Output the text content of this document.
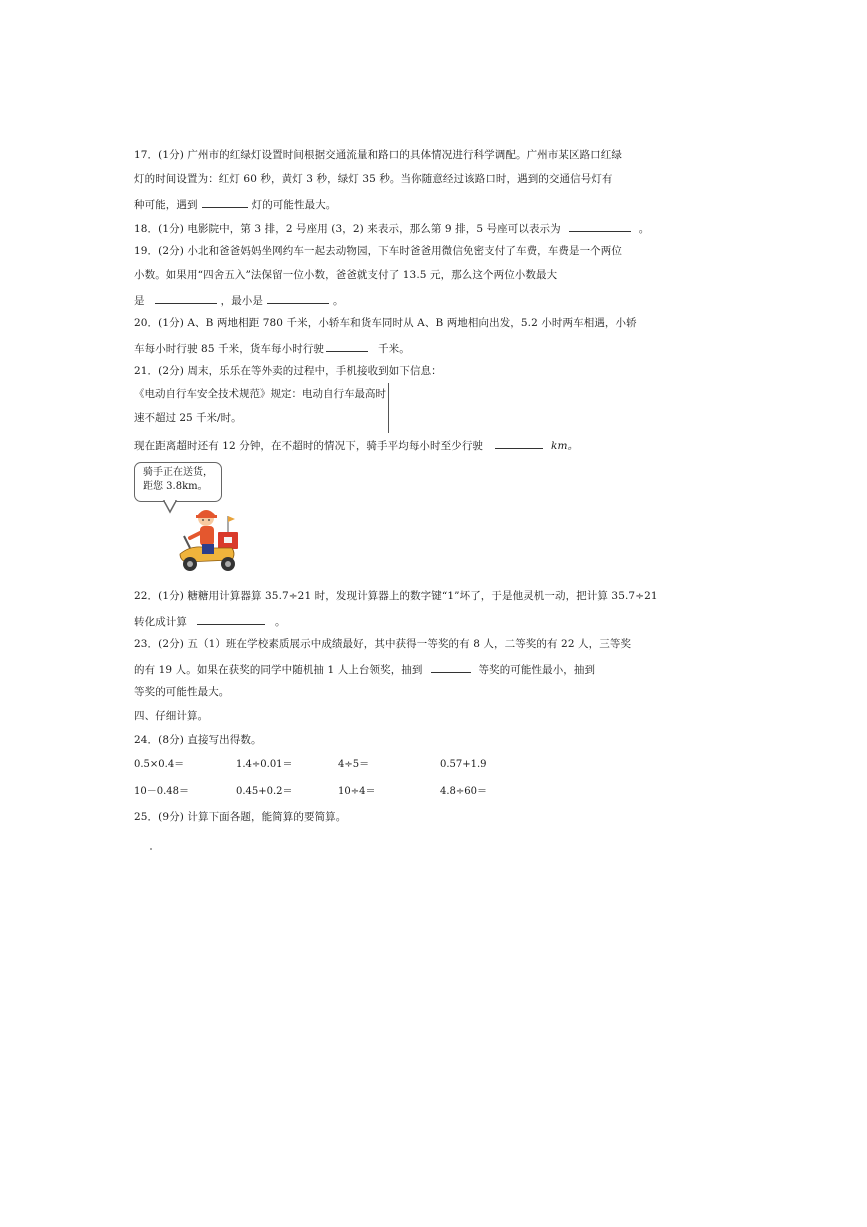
17．(1分) 广州市的红绿灯设置时间根据交通流量和路口的具体情况进行科学调配。广州市某区路口红绿
灯的时间设置为：红灯 60 秒，黄灯 3 秒，绿灯 35 秒。当你随意经过该路口时，遇到的交通信号灯有
种可能，遇到	灯的可能性最大。
18．(1分) 电影院中，第 3 排，2 号座用 (3，2) 来表示，那么第 9 排，5 号座可以表示为	。
19．(2分) 小北和爸爸妈妈坐网约车一起去动物园，下车时爸爸用微信免密支付了车费，车费是一个两位
小数。如果用“四舍五入”法保留一位小数，爸爸就支付了 13.5 元，那么这个两位小数最大
是	，最小是	。
20．(1分) A、B 两地相距 780 千米，小轿车和货车同时从 A、B 两地相向出发，5.2 小时两车相遇，小轿
车每小时行驶 85 千米，货车每小时行驶	千米。
21．(2分) 周末，乐乐在等外卖的过程中，手机接收到如下信息：
《电动自行车安全技术规范》规定：电动自行车最高时
速不超过 25 千米/时。
现在距离超时还有 12 分钟，在不超时的情况下，骑手平均每小时至少行驶	km。
骑手正在送货，
距您 3.8km。
22．(1分) 糖糖用计算器算 35.7÷21 时，发现计算器上的数字键“1”坏了，于是他灵机一动，把计算 35.7÷21
转化成计算	。
23．(2分) 五（1）班在学校素质展示中成绩最好，其中获得一等奖的有 8 人，二等奖的有 22 人，三等奖
的有 19 人。如果在获奖的同学中随机抽 1 人上台领奖，抽到	等奖的可能性最小，抽到
等奖的可能性最大。
四、仔细计算。
24．(8分) 直接写出得数。
0.5×0.4＝	1.4÷0.01＝	4÷5＝	0.57+1.9
10－0.48＝	0.45+0.2＝	10÷4＝	4.8÷60＝
25．(9分) 计算下面各题，能简算的要简算。
